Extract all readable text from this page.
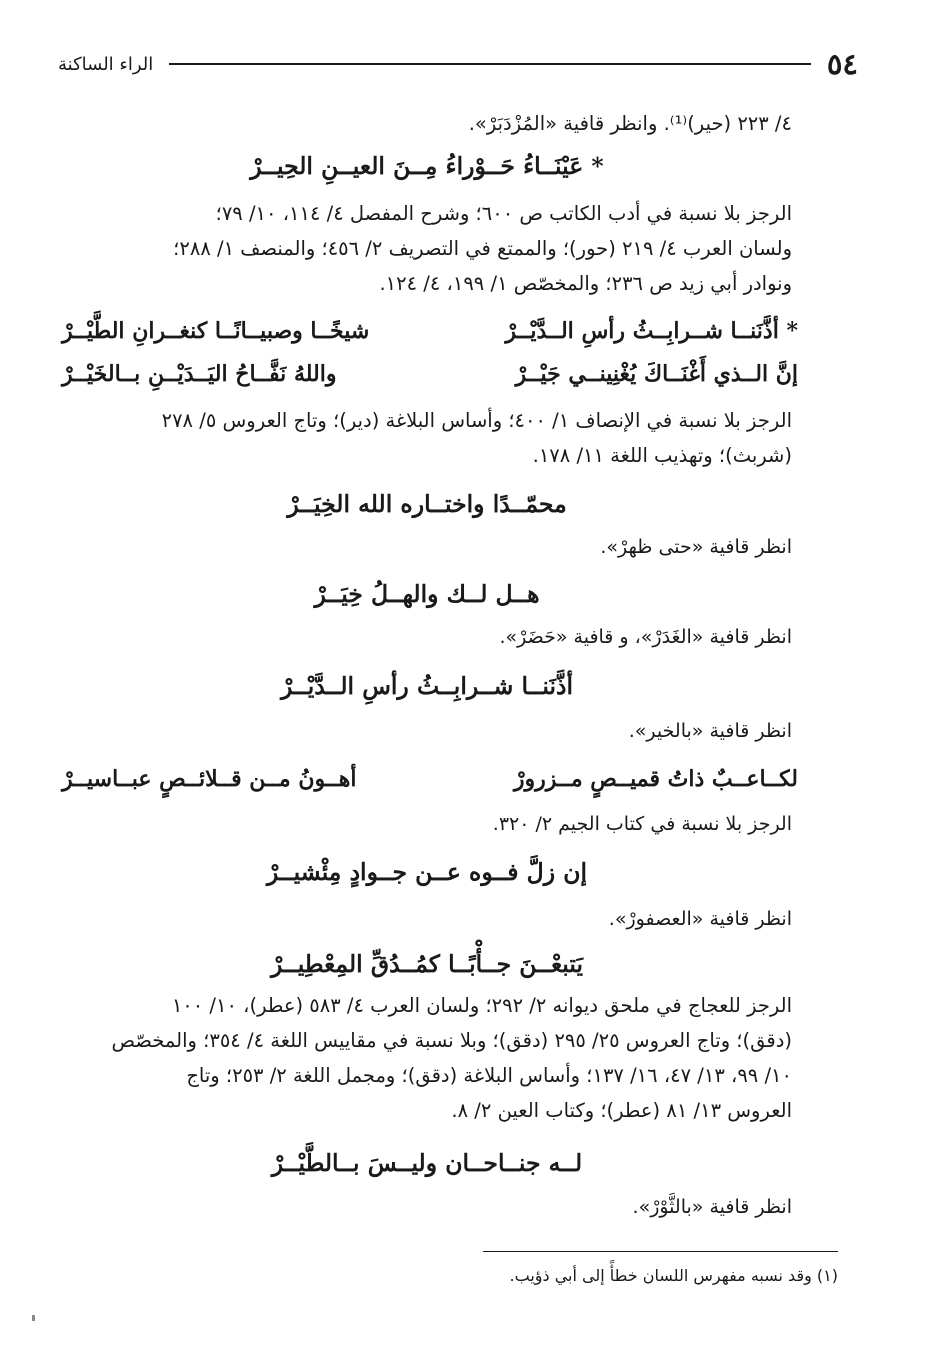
٥٤
الراء الساكنة
٤/ ٢٢٣ (حير)⁽¹⁾. وانظر قافية «المُزْدَبَرْ».
* عَيْنَــاءُ حَــوْراءُ مِــنَ العيــنِ الحِيــرْ
الرجز بلا نسبة في أدب الكاتب ص ٦٠٠؛ وشرح المفصل ٤/ ١١٤، ١٠/ ٧٩؛
ولسان العرب ٤/ ٢١٩ (حور)؛ والممتع في التصريف ٢/ ٤٥٦؛ والمنصف ١/ ٢٨٨؛
ونوادر أبي زيد ص ٢٣٦؛ والمخصّص ١/ ١٩٩، ٤/ ١٢٤.
* أذَّنَنــا شــرابِــثُ رأسِ الــدَّيْــرْ
شيخًــا وصبيــانًــا كنغــرانِ الطَّيْــرْ
إنَّ الــذي أَغْنَــاكَ يُغْنِينــي جَيْــرْ
واللهُ نَفَّــاحُ اليَــدَيْــنِ بــالخَيْــرْ
الرجز بلا نسبة في الإنصاف ١/ ٤٠٠؛ وأساس البلاغة (دير)؛ وتاج العروس ٥/ ٢٧٨
(شربث)؛ وتهذيب اللغة ١١/ ١٧٨.
محمّــدًا واختــاره الله الخِيَــرْ
انظر قافية «حتى ظهرْ».
هــل لــك والهــلُ خِيَــرْ
انظر قافية «الغَدَرْ»، و قافية «حَضَرْ».
أذَّنَنــا شــرابِــثُ رأسِ الــدَّيْــرْ
انظر قافية «بالخير».
لكــاعــبٌ ذاتُ قميــصٍ مــزرورْ
أهــونُ مــن قــلائــصٍ عبــاسيــرْ
الرجز بلا نسبة في كتاب الجيم ٢/ ٣٢٠.
إن زلَّ فــوه عــن جــوادٍ مِئْشيــرْ
انظر قافية «العصفورْ».
يَتبعْــنَ جــأْبًــا كمُــدُقِّ المِعْطِيــرْ
الرجز للعجاج في ملحق ديوانه ٢/ ٢٩٢؛ ولسان العرب ٤/ ٥٨٣ (عطر)، ١٠/ ١٠٠
(دقق)؛ وتاج العروس ٢٥/ ٢٩٥ (دقق)؛ وبلا نسبة في مقاييس اللغة ٤/ ٣٥٤؛ والمخصّص
١٠/ ٩٩، ١٣/ ٤٧، ١٦/ ١٣٧؛ وأساس البلاغة (دقق)؛ ومجمل اللغة ٢/ ٢٥٣؛ وتاج
العروس ١٣/ ٨١ (عطر)؛ وكتاب العين ٢/ ٨.
لــه جنــاحــان وليــسَ بــالطَّيْــرْ
انظر قافية «بالثَّوْرْ».
(١) وقد نسبه مفهرس اللسان خطأً إلى أبي ذؤيب.
